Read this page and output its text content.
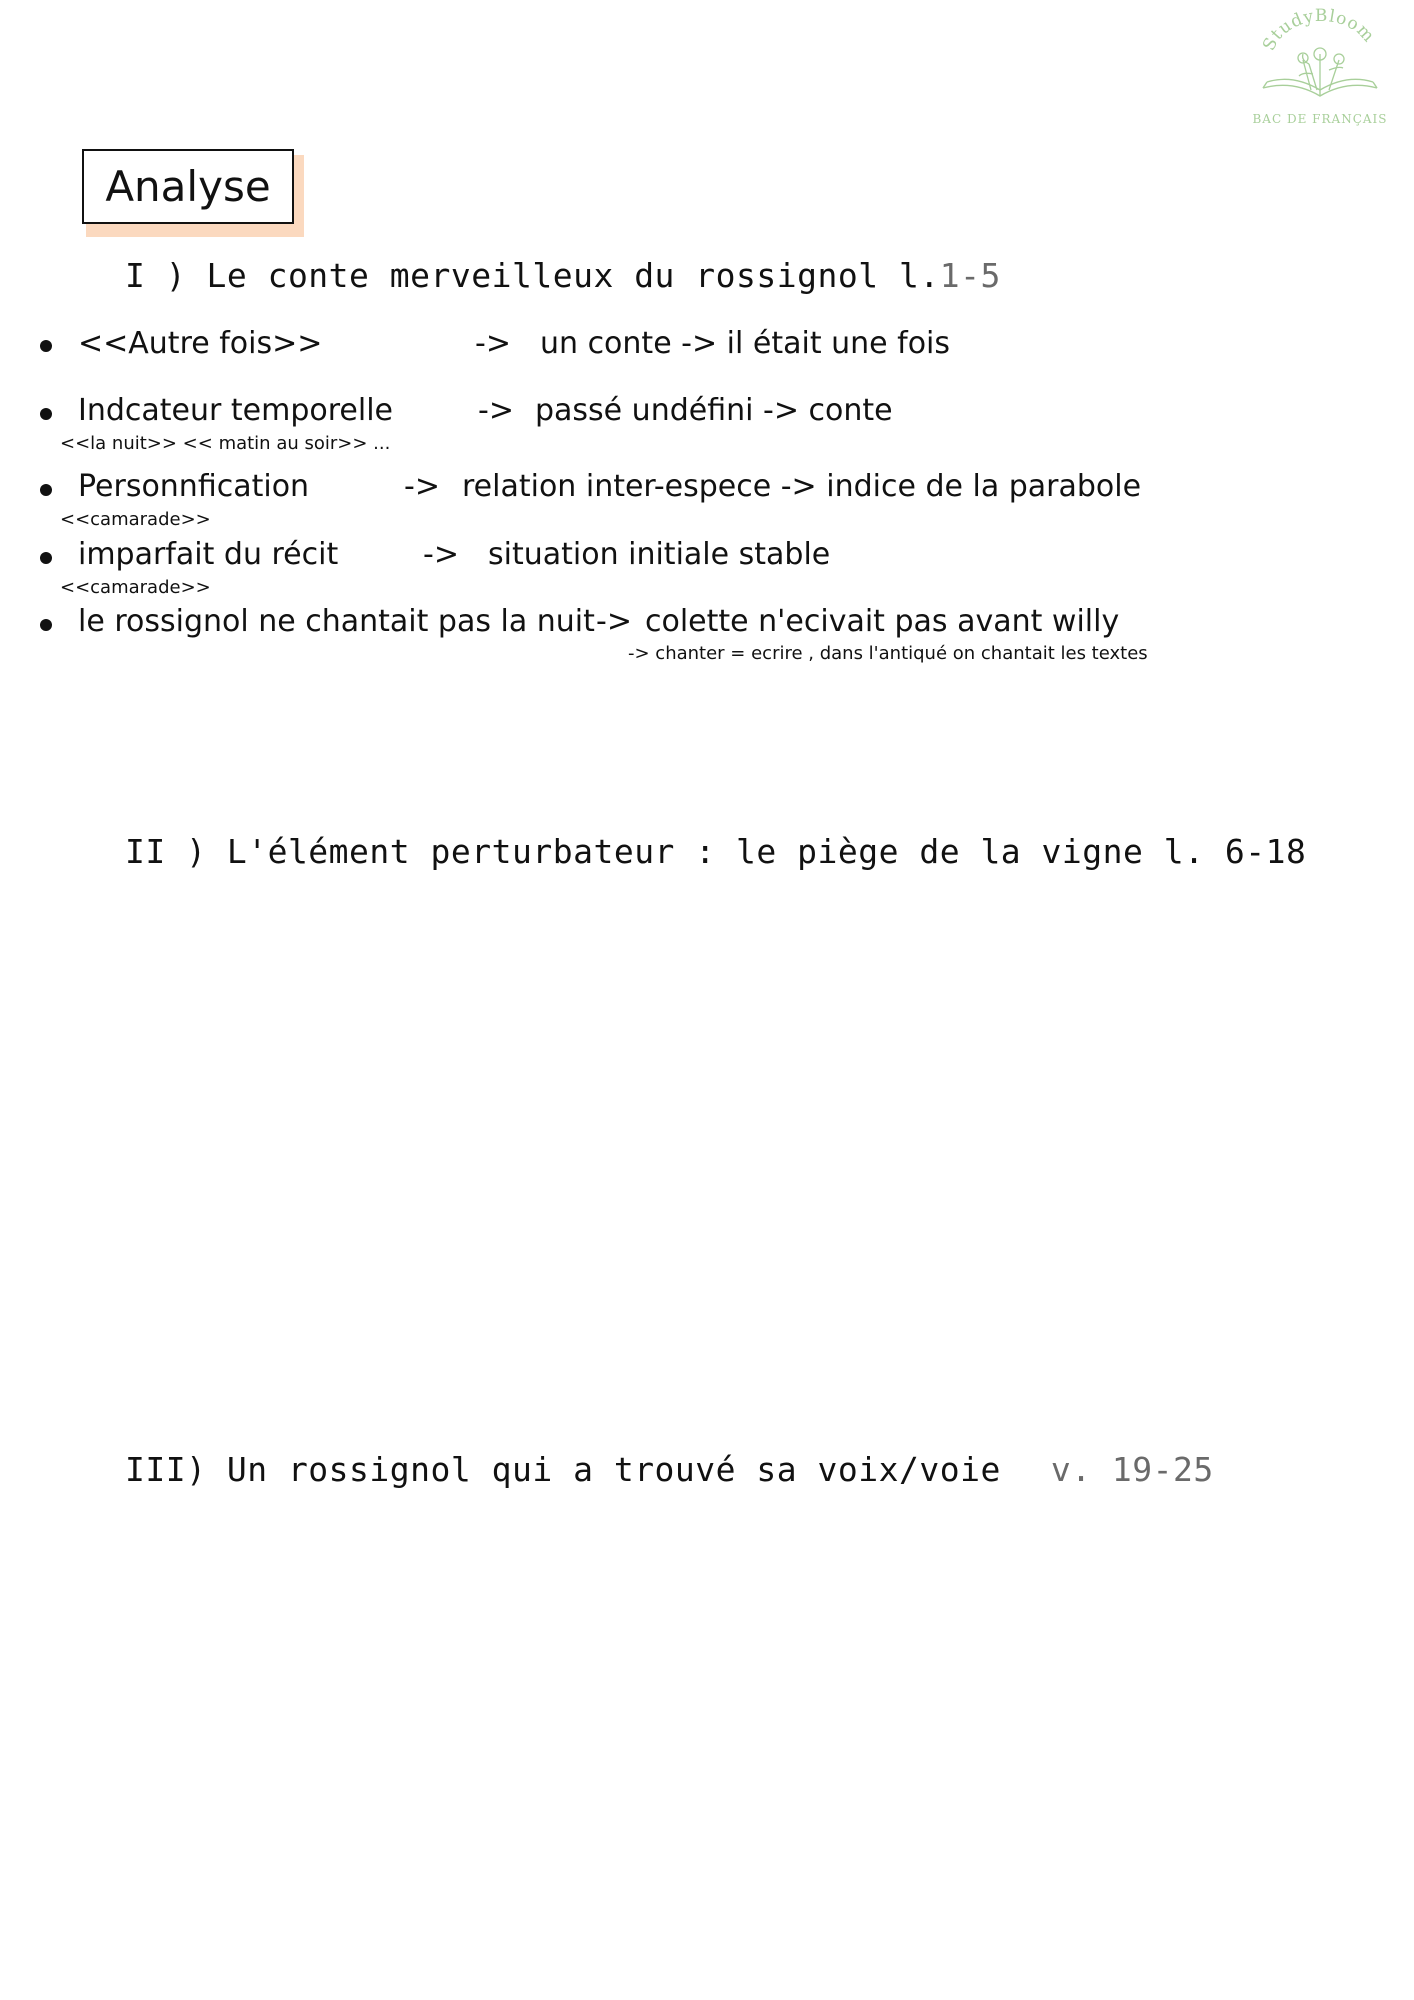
StudyBloom
BAC DE FRANÇAIS
Analyse
I ) Le conte merveilleux du rossignol l.1-5
<<Autre fois>>	-> un conte -> il était une fois
Indcateur temporelle	-> passé undéfini -> conte
<<la nuit>> << matin au soir>> ...
Personnfication	-> relation inter-espece -> indice de la parabole
<<camarade>>
imparfait du récit	-> situation initiale stable
<<camarade>>
le rossignol ne chantait pas la nuit -> colette n'ecivait pas avant willy
-> chanter = ecrire , dans l'antiqué on chantait les textes
II ) L'élément perturbateur : le piège de la vigne l. 6-18
III) Un rossignol qui a trouvé sa voix/voie v. 19-25
